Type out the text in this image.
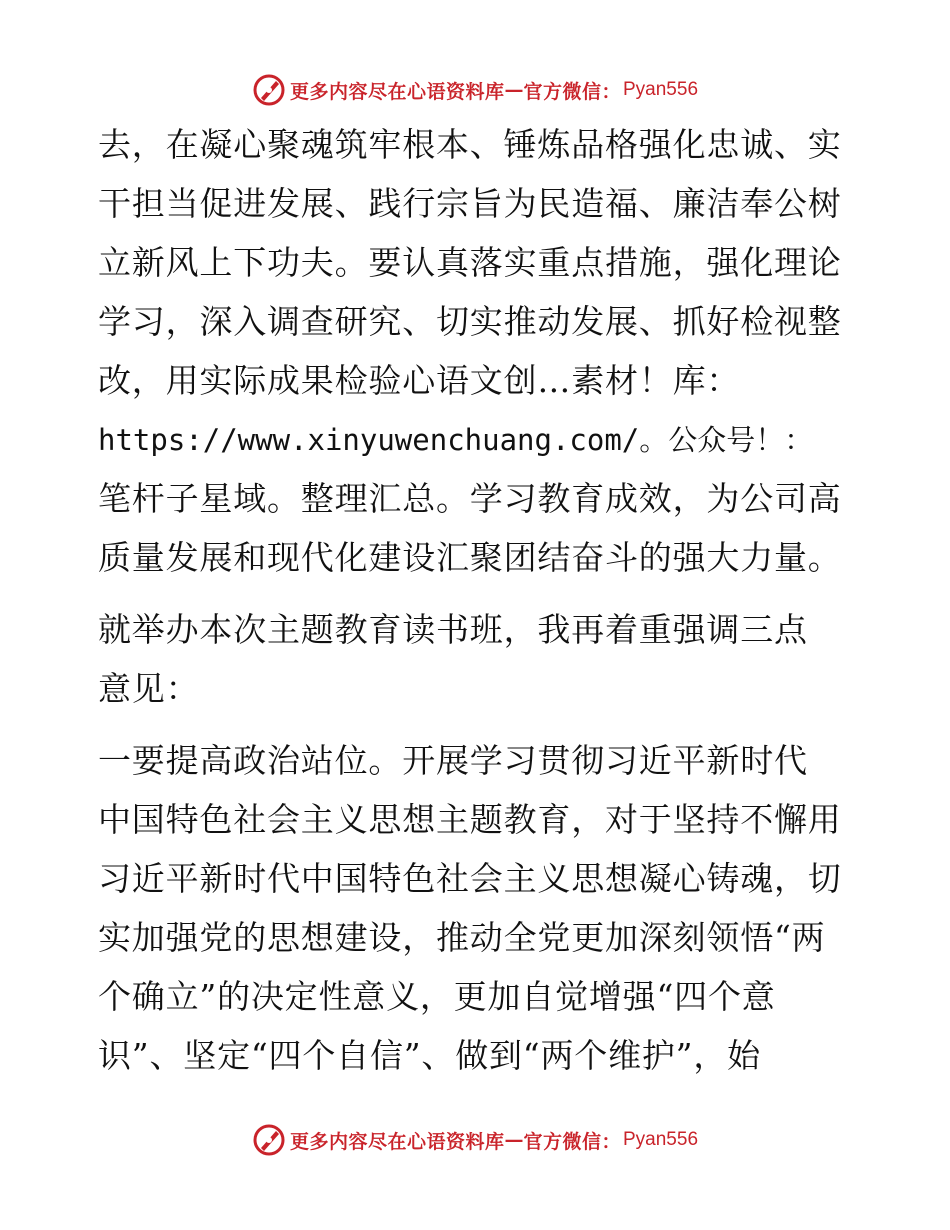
更多内容尽在心语资料库 — 官方微信： Pyan556
去，在凝心聚魂筑牢根本、锤炼品格强化忠诚、实
干担当促进发展、践行宗旨为民造福、廉洁奉公树
立新风上下功夫。要认真落实重点措施，强化理论
学习，深入调查研究、切实推动发展、抓好检视整
改，用实际成果检验心语文创…素材！库：
https://www.xinyuwenchuang.com/。公众号！：
笔杆子星域。整理汇总。学习教育成效，为公司高
质量发展和现代化建设汇聚团结奋斗的强大力量。
就举办本次主题教育读书班，我再着重强调三点
意见：
一要提高政治站位。开展学习贯彻习近平新时代
中国特色社会主义思想主题教育，对于坚持不懈用
习近平新时代中国特色社会主义思想凝心铸魂，切
实加强党的思想建设，推动全党更加深刻领悟“两
个确立”的决定性意义，更加自觉增强“四个意
识”、坚定“四个自信”、做到“两个维护”，始
更多内容尽在心语资料库 — 官方微信： Pyan556
